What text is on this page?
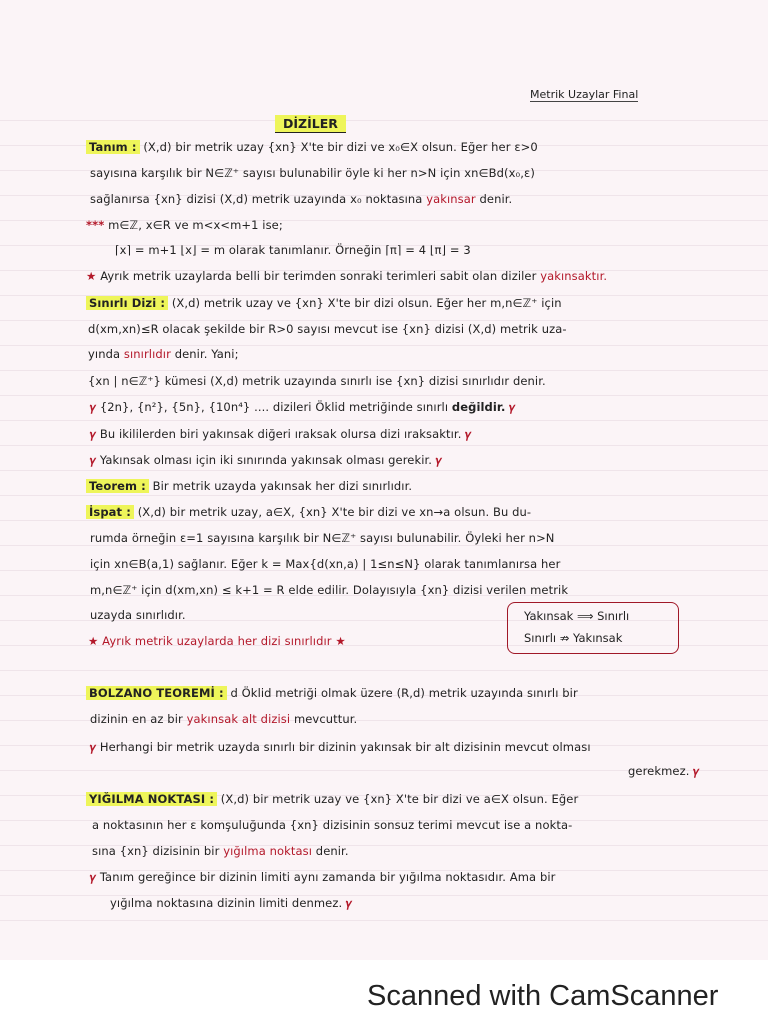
Metrik Uzaylar Final
DİZİLER
Tanım : (X,d) bir metrik uzay {xn} X'te bir dizi ve x₀∈X olsun. Eğer her ε>0
sayısına karşılık bir N∈ℤ⁺ sayısı bulunabilir öyle ki her n>N için xn∈Bd(x₀,ε)
sağlanırsa {xn} dizisi (X,d) metrik uzayında x₀ noktasına yakınsar denir.
*** m∈ℤ, x∈R ve m<x<m+1 ise;
⌈x⌉ = m+1 ⌊x⌋ = m olarak tanımlanır. Örneğin ⌈π⌉ = 4 ⌊π⌋ = 3
★ Ayrık metrik uzaylarda belli bir terimden sonraki terimleri sabit olan diziler yakınsaktır.
Sınırlı Dizi : (X,d) metrik uzay ve {xn} X'te bir dizi olsun. Eğer her m,n∈ℤ⁺ için
d(xm,xn)≤R olacak şekilde bir R>0 sayısı mevcut ise {xn} dizisi (X,d) metrik uza-
yında sınırlıdır denir. Yani;
{xn | n∈ℤ⁺} kümesi (X,d) metrik uzayında sınırlı ise {xn} dizisi sınırlıdır denir.
𝛾 {2n}, {n²}, {5n}, {10n⁴} .... dizileri Öklid metriğinde sınırlı değildir. 𝛾
𝛾 Bu ikililerden biri yakınsak diğeri ıraksak olursa dizi ıraksaktır. 𝛾
𝛾 Yakınsak olması için iki sınırında yakınsak olması gerekir. 𝛾
Teorem : Bir metrik uzayda yakınsak her dizi sınırlıdır.
İspat : (X,d) bir metrik uzay, a∈X, {xn} X'te bir dizi ve xn→a olsun. Bu du-
rumda örneğin ε=1 sayısına karşılık bir N∈ℤ⁺ sayısı bulunabilir. Öyleki her n>N
için xn∈B(a,1) sağlanır. Eğer k = Max{d(xn,a) | 1≤n≤N} olarak tanımlanırsa her
m,n∈ℤ⁺ için d(xm,xn) ≤ k+1 = R elde edilir. Dolayısıyla {xn} dizisi verilen metrik
uzayda sınırlıdır.	Yakınsak ⟹ Sınırlı
Sınırlı ⇏ Yakınsak
★ Ayrık metrik uzaylarda her dizi sınırlıdır ★
BOLZANO TEOREMİ : d Öklid metriği olmak üzere (R,d) metrik uzayında sınırlı bir
dizinin en az bir yakınsak alt dizisi mevcuttur.
𝛾 Herhangi bir metrik uzayda sınırlı bir dizinin yakınsak bir alt dizisinin mevcut olması
gerekmez. 𝛾
YIĞILMA NOKTASI : (X,d) bir metrik uzay ve {xn} X'te bir dizi ve a∈X olsun. Eğer
a noktasının her ε komşuluğunda {xn} dizisinin sonsuz terimi mevcut ise a nokta-
sına {xn} dizisinin bir yığılma noktası denir.
𝛾 Tanım gereğince bir dizinin limiti aynı zamanda bir yığılma noktasıdır. Ama bir
yığılma noktasına dizinin limiti denmez. 𝛾
Scanned with CamScanner
